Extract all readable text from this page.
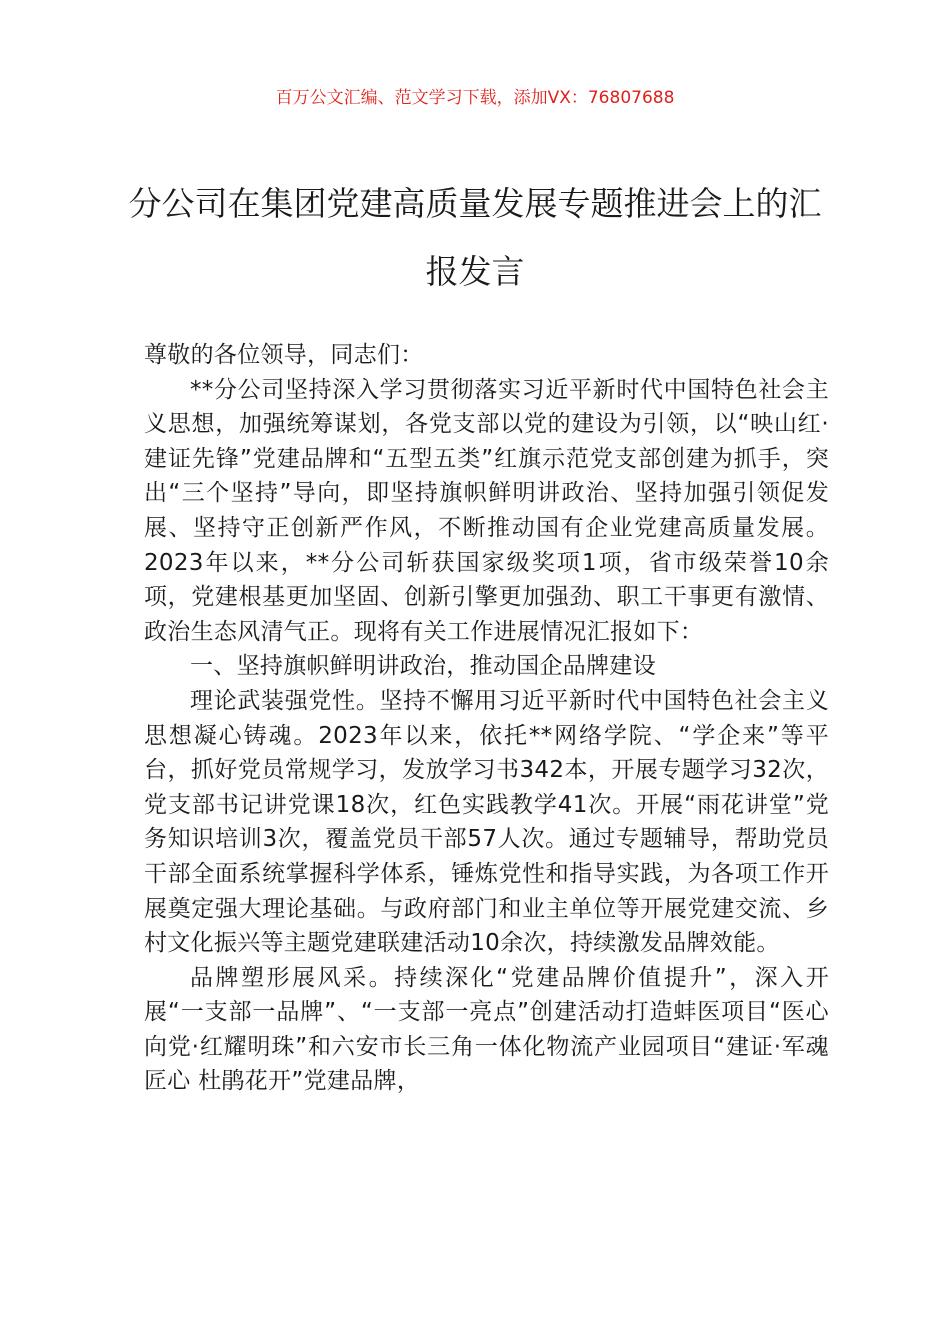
百万公文汇编、范文学习下载，添加VX：76807688
分公司在集团党建高质量发展专题推进会上的汇报发言

尊敬的各位领导，同志们：

**分公司坚持深入学习贯彻落实习近平新时代中国特色社会主义思想，加强统筹谋划，各党支部以党的建设为引领，以“映山红·建证先锋”党建品牌和“五型五类”红旗示范党支部创建为抓手，突出“三个坚持”导向，即坚持旗帜鲜明讲政治、坚持加强引领促发展、坚持守正创新严作风，不断推动国有企业党建高质量发展。2023年以来，**分公司斩获国家级奖项1项，省市级荣誉10余项，党建根基更加坚固、创新引擎更加强劲、职工干事更有激情、政治生态风清气正。现将有关工作进展情况汇报如下：

一、坚持旗帜鲜明讲政治，推动国企品牌建设

理论武装强党性。坚持不懈用习近平新时代中国特色社会主义思想凝心铸魂。2023年以来，依托**网络学院、“学企来”等平台，抓好党员常规学习，发放学习书342本，开展专题学习32次，党支部书记讲党课18次，红色实践教学41次。开展“雨花讲堂”党务知识培训3次，覆盖党员干部57人次。通过专题辅导，帮助党员干部全面系统掌握科学体系，锤炼党性和指导实践，为各项工作开展奠定强大理论基础。与政府部门和业主单位等开展党建交流、乡村文化振兴等主题党建联建活动10余次，持续激发品牌效能。

品牌塑形展风采。持续深化“党建品牌价值提升”，深入开展“一支部一品牌”、“一支部一亮点”创建活动打造蚌医项目“医心向党·红耀明珠”和六安市长三角一体化物流产业园项目“建证·军魂匠心 杜鹃花开”党建品牌，
